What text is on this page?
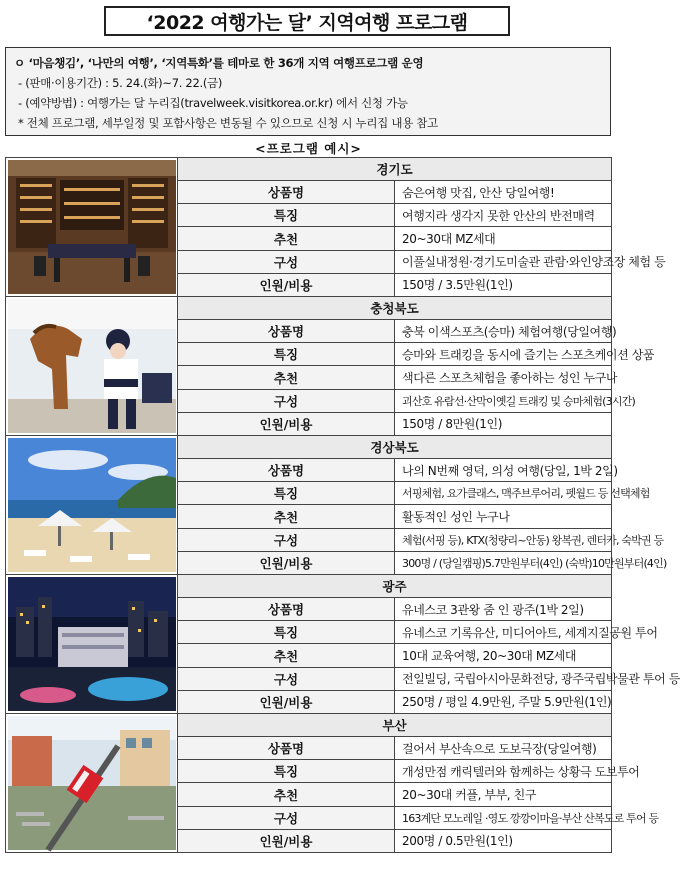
‘2022 여행가는 달’ 지역여행 프로그램
ㅇ ‘마음챙김’, ‘나만의 여행’, ‘지역특화’를 테마로 한 36개 지역 여행프로그램 운영
- (판매·이용기간) : 5. 24.(화)~7. 22.(금)
- (예약방법) : 여행가는 달 누리집(travelweek.visitkorea.or.kr) 에서 신청 가능
* 전체 프로그램, 세부일정 및 포함사항은 변동될 수 있으므로 신청 시 누리집 내용 참고
<프로그램 예시>
	경기도	
	상품명	숨은여행 맛집, 안산 당일여행!
	특징	여행지라 생각지 못한 안산의 반전매력
	추천	20~30대 MZ세대
	구성	이풀실내정원·경기도미술관 관람·와인양조장 체험 등
	인원/비용	150명 / 3.5만원(1인)

	충청북도	
	상품명	충북 이색스포츠(승마) 체험여행(당일여행)
	특징	승마와 트래킹을 동시에 즐기는 스포츠케이션 상품
	추천	색다른 스포츠체험을 좋아하는 성인 누구나
	구성	괴산호 유람선·산막이옛길 트래킹 및 승마체험(3시간)
	인원/비용	150명 / 8만원(1인)

	경상북도	
	상품명	나의 N번째 영덕, 의성 여행(당일, 1박 2일)
	특징	서핑체험, 요가클래스, 맥주브루어리, 펫월드 등 선택체험
	추천	활동적인 성인 누구나
	구성	체험(서핑 등), KTX(청량리~안동) 왕복권, 렌터카, 숙박권 등
	인원/비용	300명 / (당일캠핑)5.7만원부터(4인) (숙박)10만원부터(4인)

	광주	
	상품명	유네스코 3관왕 줌 인 광주(1박 2일)
	특징	유네스코 기록유산, 미디어아트, 세계지질공원 투어
	추천	10대 교육여행, 20~30대 MZ세대
	구성	전일빌딩, 국립아시아문화전당, 광주국립박물관 투어 등
	인원/비용	250명 / 평일 4.9만원, 주말 5.9만원(1인)

	부산	
	상품명	걸어서 부산속으로 도보극장(당일여행)
	특징	개성만점 캐릭텔러와 함께하는 상황극 도보투어
	추천	20~30대 커플, 부부, 친구
	구성	163계단 모노레일 ·영도 깡깡이마을·부산 산복도로 투어 등
	인원/비용	200명 / 0.5만원(1인)
